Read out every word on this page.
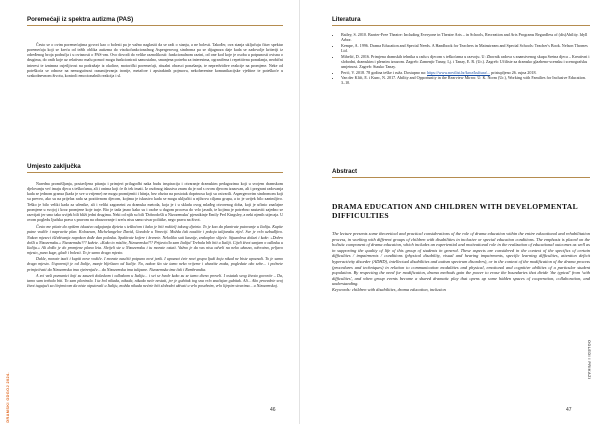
Poremećaji iz spektra autizma (PAS)

Često se o ovim poremećajima govori kao o bolesti pa je važno naglasiti da se radi o stanju, a ne bolesti. Također, ova stanja uključuju čitav spektar poremećaja koji se kreću od težih oblika autizma do visokofunkcionalnog Aspergerovog sindroma pa se dijagnoza daje kada se zadovolje kriteriji iz određenog broja područja i u ovisnosti o PAS-om. Ovo dovodi do velike raznolikosti: funkcionalnom razini, od one kod koje je osoba u potpunosti ovisna o drugima, do onih koje uz relativno malu pomoć mogu funkcionirati samostalno, smanjena potreba za interesima, ograničena i repetitivna ponašanja, neobični interesi te iznimna osjetljivost na podražaje iz okoline, motorički poremećaji, ritualni obrasci ponašanja, te nepredvidive reakcije na promjene. Neke od poteškoća se odnose na nemogućnost razumijevanja ironije, metafore i apstraktnih pojmova, nekoherentne komunikacijske vještine te poteškoće u svakodnevnom životu, kontroli emocionalnih reakcija i sl.

Umjesto zaključka

Naredna promišljanja, postavljena pitanja i primjeri prilagodbi naka budu inspiracija i otvaranje dramskim pedagozima koji u svojem dramskom djelovanju već imaju djecu s teškoćama, ali i onima koji će ih tek imati. Iz osobnog iskustva znam da je rad s ovom djecom izazovan, ali i pregrant radovanja kada se jednom gransa (kada je sve u vrijeme) ne mogu promijeniti i hitnja, bez obzira na postotak doprinosa koji su ostvarili. Aspergerovim sindromom koji su preveo, ako su na prijelaz rada sa pozitivnom djecom, kojima je iskustvo kada se mogu uključiti u njihovu ciljanu grupu, a to je uvijek bilo zanimljivo. Teško je bilo veliki kada za učenike, ali i veliki zagonetni za dramska metoda, koja je i u skladu ovog mlađeg otvorenog doba, koji je učinio značajne promjene u svojoj i kroz promjene koje traje. Bio je tada jasno kako su i osobe u dugom procesu do vrlo jasnih, te kojima je potrebno nastaviti zajedno se razvijati jer smo tako uvijek bili bliži jedni drugima. Neki od njih su bili 'Dobrodošli u Nizozemsku' pjesnikinje Emily Perl Kingsley, a neki njenih utjecaja. U ovom pogledu ljudska prava s pravom na obrazovanje i sreću nisu samo stvar politike, nego prava na život.

Često me pitate da opišem iskustvo odgajanja djeteta s teškoćom i kako je biti roditelj takvog djeteta. To je kao da planirate putovanje u Italiju. Kupite putne vodiče i napravite plan. Koloseum, Michelangelov David, Gondole u Veneciji. Možda čak naučite i pokoju talijansku riječ. Sve je vrlo uzbudljivo. Nakon mjeseci iščekivanja napokon dođe dan polaska. Spakirate kofere i krenete. Nekoliko sati kasnije, zrakoplov slijeće. Stjuardesa dolazi i kaže: »Dobro došli u Nizozemsku.« Nizozemsku?!? kažete. »Kako to mislite, Nizozemsku?!? Prijavio/la sam Italiju! Trebala bih biti u Italiji. Cijeli život sanjam o odlasku u Italiju.« Ali došlo je do promjene plana leta. Sletjeli ste u Nizozemsku i tu morate ostati. Važno je da vas nisu odveli na neko užasno, odvratno, prljavo mjesto, puno kuge, gladi i bolesti. To je samo drugo mjesto.

Dakle, morate izaći i kupiti nove vodiče. I morate naučiti potpuno novi jezik. I upoznat ćete novi grupu ljudi koju nikad ne biste upoznali. To je samo drugo mjesto. Usporeniji je od Italije, manje blještavo od Italije. No, nakon što ste tamo neko vrijeme i uhvatite zraka, pogledate oko sebe... i počnete primjećivati da Nizozemska ima vjetrenjače... da Nizozemska ima tulipane. Nizozemska ima čak i Rembrandta.

A svi vaši poznanici koji su zauzeti dolaskom i odlaskom u Italiju... i svi se hvale kako su se tamo divno proveli. I ostatak svog života govorite – Da, tamo sam trebala biti. To sam planirala. I ta bol nikada, nikada, nikada neće nestati, jer je gubitak tog sna vrlo značajan gubitak. Ali... Ako provedete svoj život tugujući za činjenicom da niste otputovali u Italiju, možda nikada nećete biti slobodni uživati u vrlo posebnim, vrlo lijepim stvarima... u Nizozemskoj.

DRAMSKI ODGOJ 2024.	46
Literatura
• Bailey, S. 2010. Barrier-Free Theatre: Including Everyone in Theatre Arts – in Schools, Recreation and Arts Programs Regardless of (dis)Ability. Idyll Arbor.
• Kempe, A. 1996. Drama Education and Special Needs. A Handbook for Teachers in Mainstream and Special Schools: Teacher's Book. Nelson Thornes Ltd.
• Mihelić, D. 2016. Primjena dramskih tehnika u radu s djecom s teškoćama u razvoju. U: Zbornik radova s znanstvenog skupa Sretna djeca – Kreativni i slobodni, dramskim i plesnim izrazom. Zagreb: Zamenjir Tanay, Lj. i Tanay, E. R. (Ur.). Zagreb: Učiliste za dramsko glazbeno-scensku i scenografsku umjetnost. Zagreb: Stauko Tanay.
• Perić, V. 2018. 78 godina teške i ruža. Dostupno na: https://www.novilist.hr/kroz/kultura/... pristupljeno 26. rujna 2018.
• Van der Klift, E. i Kunc, N. 2017. Ability and Opportunity in the Rearview Mirror. U: K. Norm (Ur.), Working with Families for Inclusive Education. 3–10.
Abstract
DRAMA EDUCATION AND CHILDREN WITH DEVELOPMENTAL DIFFICULTIES
The lecture presents some theoretical and practical considerations of the role of drama education within the entire educational and rehabilitation process, in working with different groups of children with disabilities in inclusive or special education conditions. The emphasis is placed on the holistic component of drama education, which includes an experiential and motivational role in the realization of educational outcomes as well as in supporting the quality of life of this group of students in general. These aspects are considered in the context of the specifics of certain difficulties / impairments / conditions (physical disability, visual and hearing impairments, specific learning difficulties, attention deficit hyperactivity disorder (ADHD), intellectual disabilities and autism spectrum disorders), or in the context of the modification of the drama process (procedures and techniques) in relation to communication modalities and physical, emotional and cognitive abilities of a particular student population. By respecting the need for modification, drama methods gain the power to erase the boundaries that divide 'the typical' from 'with difficulties', and when group events become a shared dramatic play that opens up some hidden spaces of cooperation, collaboration, and understanding.
Keywords: children with disabilities, drama education, inclusion
OGLEDI I PRIKAZI
47
